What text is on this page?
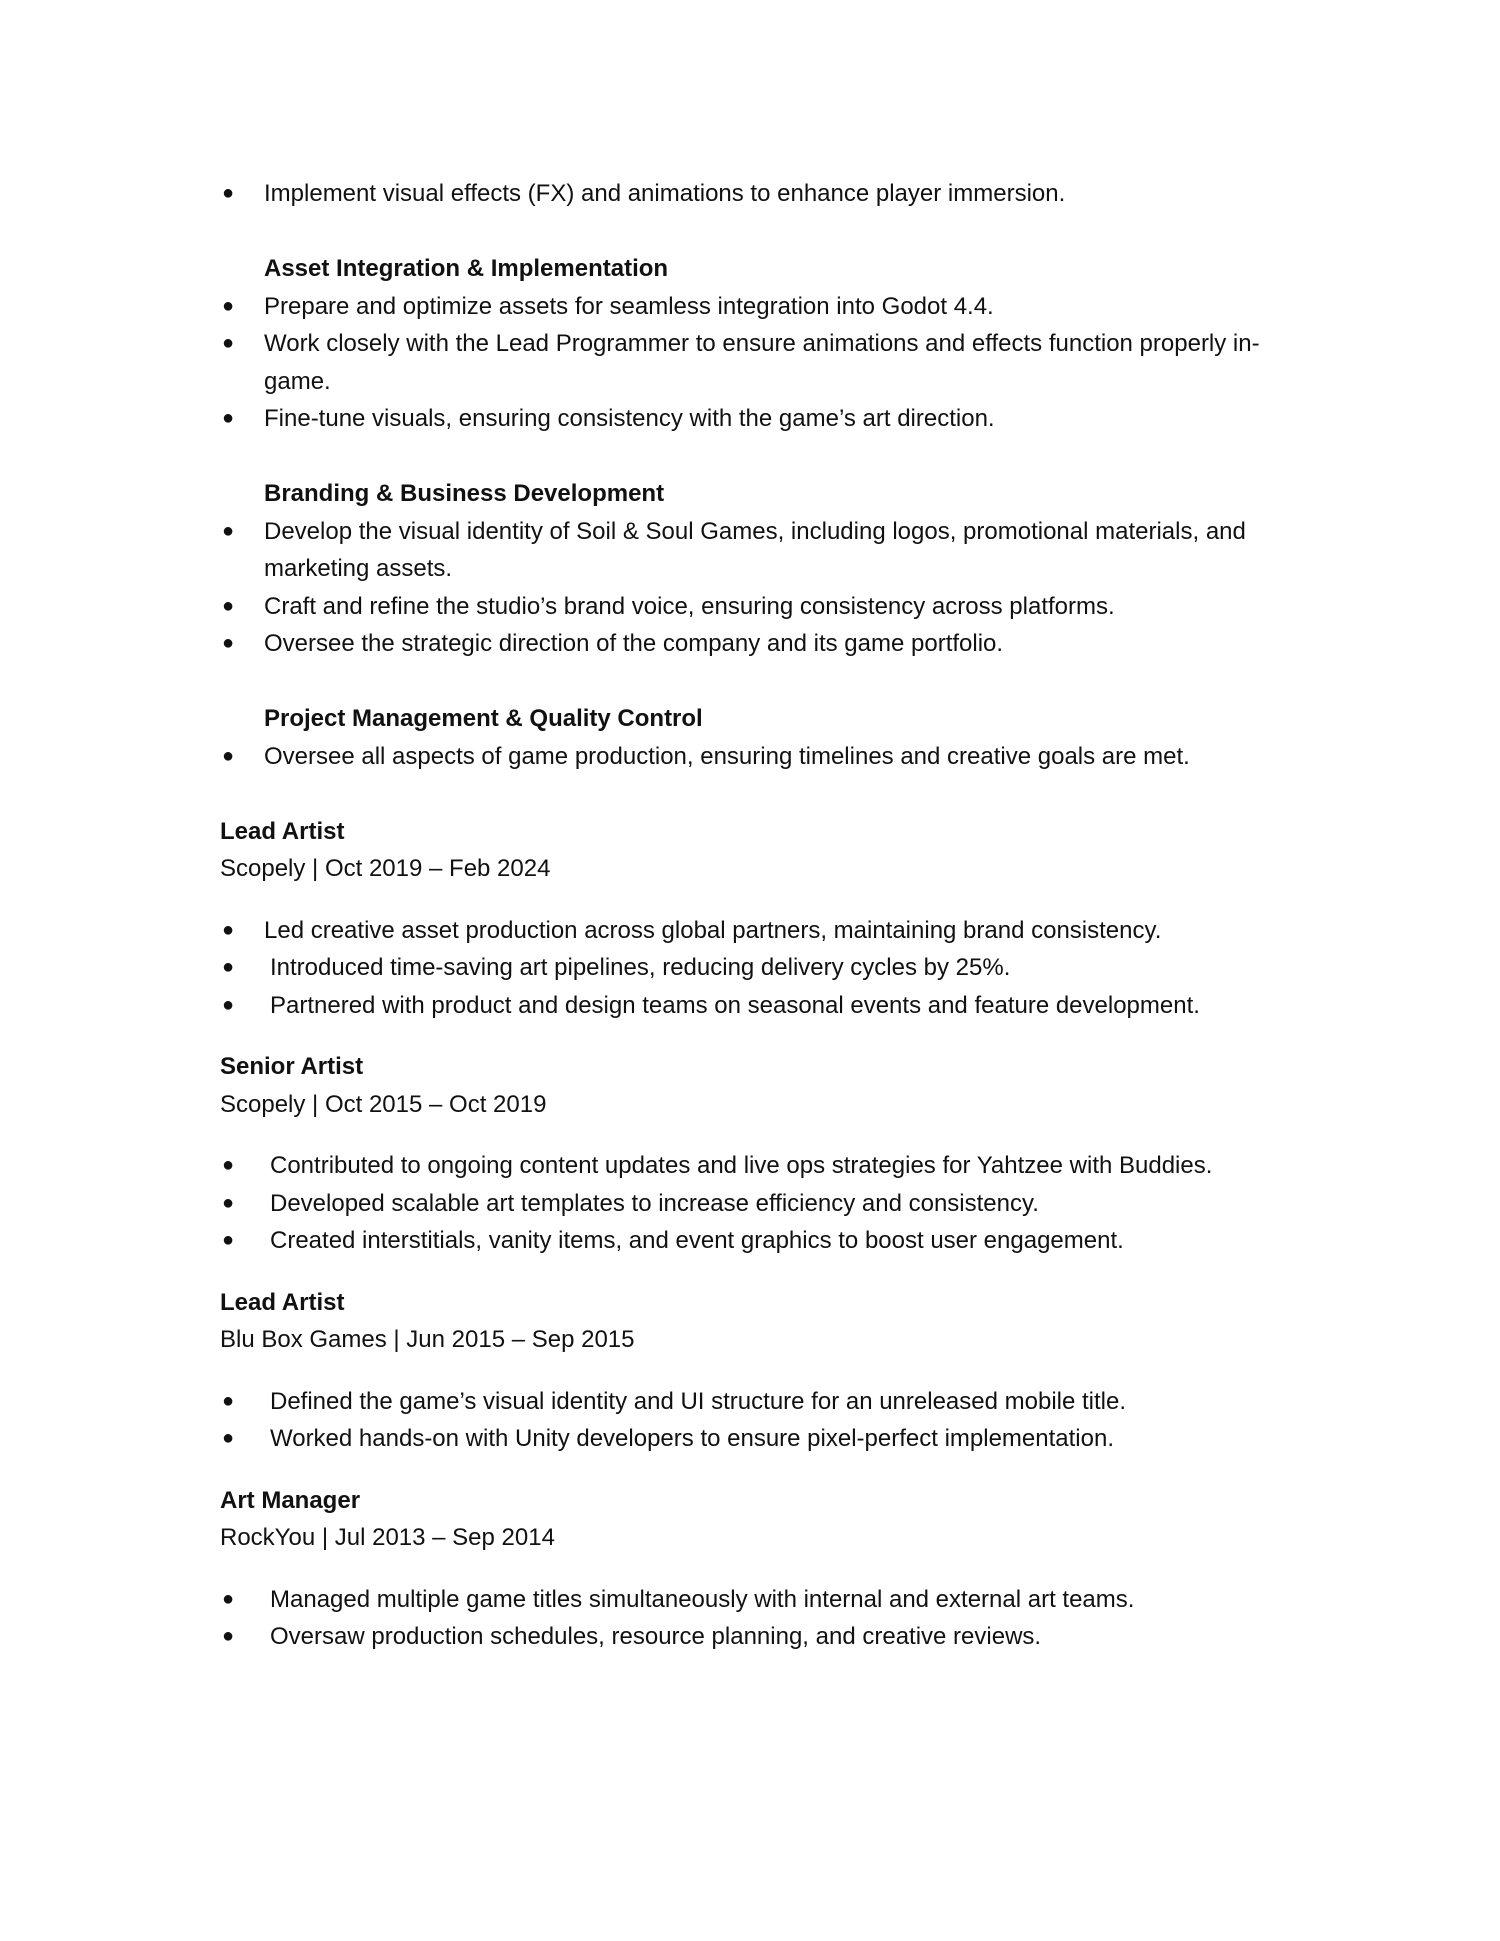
● Implement visual effects (FX) and animations to enhance player immersion.
Asset Integration & Implementation
● Prepare and optimize assets for seamless integration into Godot 4.4.
● Work closely with the Lead Programmer to ensure animations and effects function properly in-game.
● Fine-tune visuals, ensuring consistency with the game’s art direction.
Branding & Business Development
● Develop the visual identity of Soil & Soul Games, including logos, promotional materials, and marketing assets.
● Craft and refine the studio’s brand voice, ensuring consistency across platforms.
● Oversee the strategic direction of the company and its game portfolio.
Project Management & Quality Control
● Oversee all aspects of game production, ensuring timelines and creative goals are met.
Lead Artist
Scopely | Oct 2019 – Feb 2024
● Led creative asset production across global partners, maintaining brand consistency.
● Introduced time-saving art pipelines, reducing delivery cycles by 25%.
● Partnered with product and design teams on seasonal events and feature development.
Senior Artist
Scopely | Oct 2015 – Oct 2019
● Contributed to ongoing content updates and live ops strategies for Yahtzee with Buddies.
● Developed scalable art templates to increase efficiency and consistency.
● Created interstitials, vanity items, and event graphics to boost user engagement.
Lead Artist
Blu Box Games | Jun 2015 – Sep 2015
● Defined the game’s visual identity and UI structure for an unreleased mobile title.
● Worked hands-on with Unity developers to ensure pixel-perfect implementation.
Art Manager
RockYou | Jul 2013 – Sep 2014
● Managed multiple game titles simultaneously with internal and external art teams.
● Oversaw production schedules, resource planning, and creative reviews.
